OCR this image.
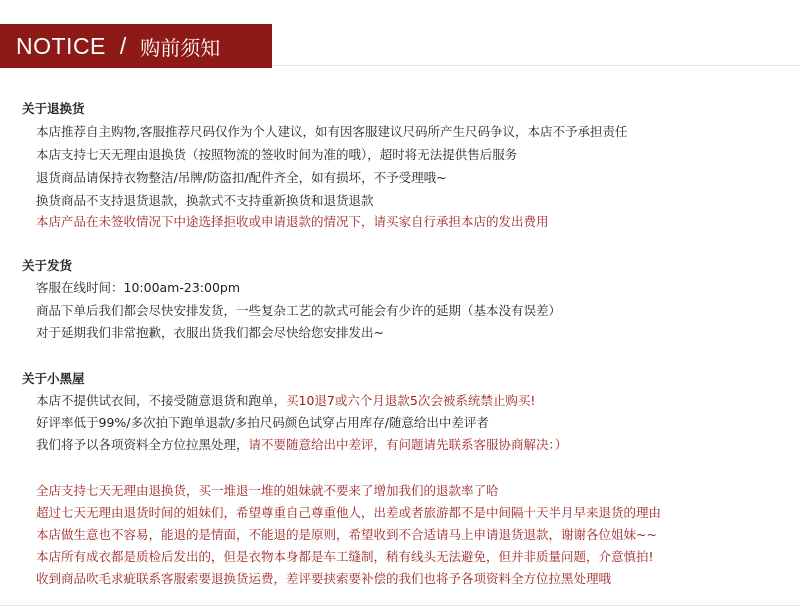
NOTICE / 购前须知
关于退换货
本店推荐自主购物,客服推荐尺码仅作为个人建议，如有因客服建议尺码所产生尺码争议，本店不予承担责任
本店支持七天无理由退换货（按照物流的签收时间为准的哦），超时将无法提供售后服务
退货商品请保持衣物整洁/吊牌/防盗扣/配件齐全，如有损坏，不予受理哦~
换货商品不支持退货退款，换款式不支持重新换货和退货退款
本店产品在未签收情况下中途选择拒收或申请退款的情况下，请买家自行承担本店的发出费用
关于发货
客服在线时间：10:00am-23:00pm
商品下单后我们都会尽快安排发货，一些复杂工艺的款式可能会有少许的延期（基本没有误差）
对于延期我们非常抱歉，衣服出货我们都会尽快给您安排发出~
关于小黑屋
本店不提供试衣间，不接受随意退货和跑单，买10退7或六个月退款5次会被系统禁止购买!
好评率低于99%/多次拍下跑单退款/多拍尺码颜色试穿占用库存/随意给出中差评者
我们将予以各项资料全方位拉黑处理，请不要随意给出中差评，有问题请先联系客服协商解决：）
全店支持七天无理由退换货，买一堆退一堆的姐妹就不要来了增加我们的退款率了哈
超过七天无理由退货时间的姐妹们，希望尊重自己尊重他人，出差或者旅游都不是中间隔十天半月早来退货的理由
本店做生意也不容易，能退的是情面，不能退的是原则，希望收到不合适请马上申请退货退款，谢谢各位姐妹~~
本店所有成衣都是质检后发出的，但是衣物本身都是车工缝制，稍有线头无法避免，但并非质量问题，介意慎拍!
收到商品吹毛求疵联系客服索要退换货运费，差评要挟索要补偿的我们也将予各项资料全方位拉黑处理哦
